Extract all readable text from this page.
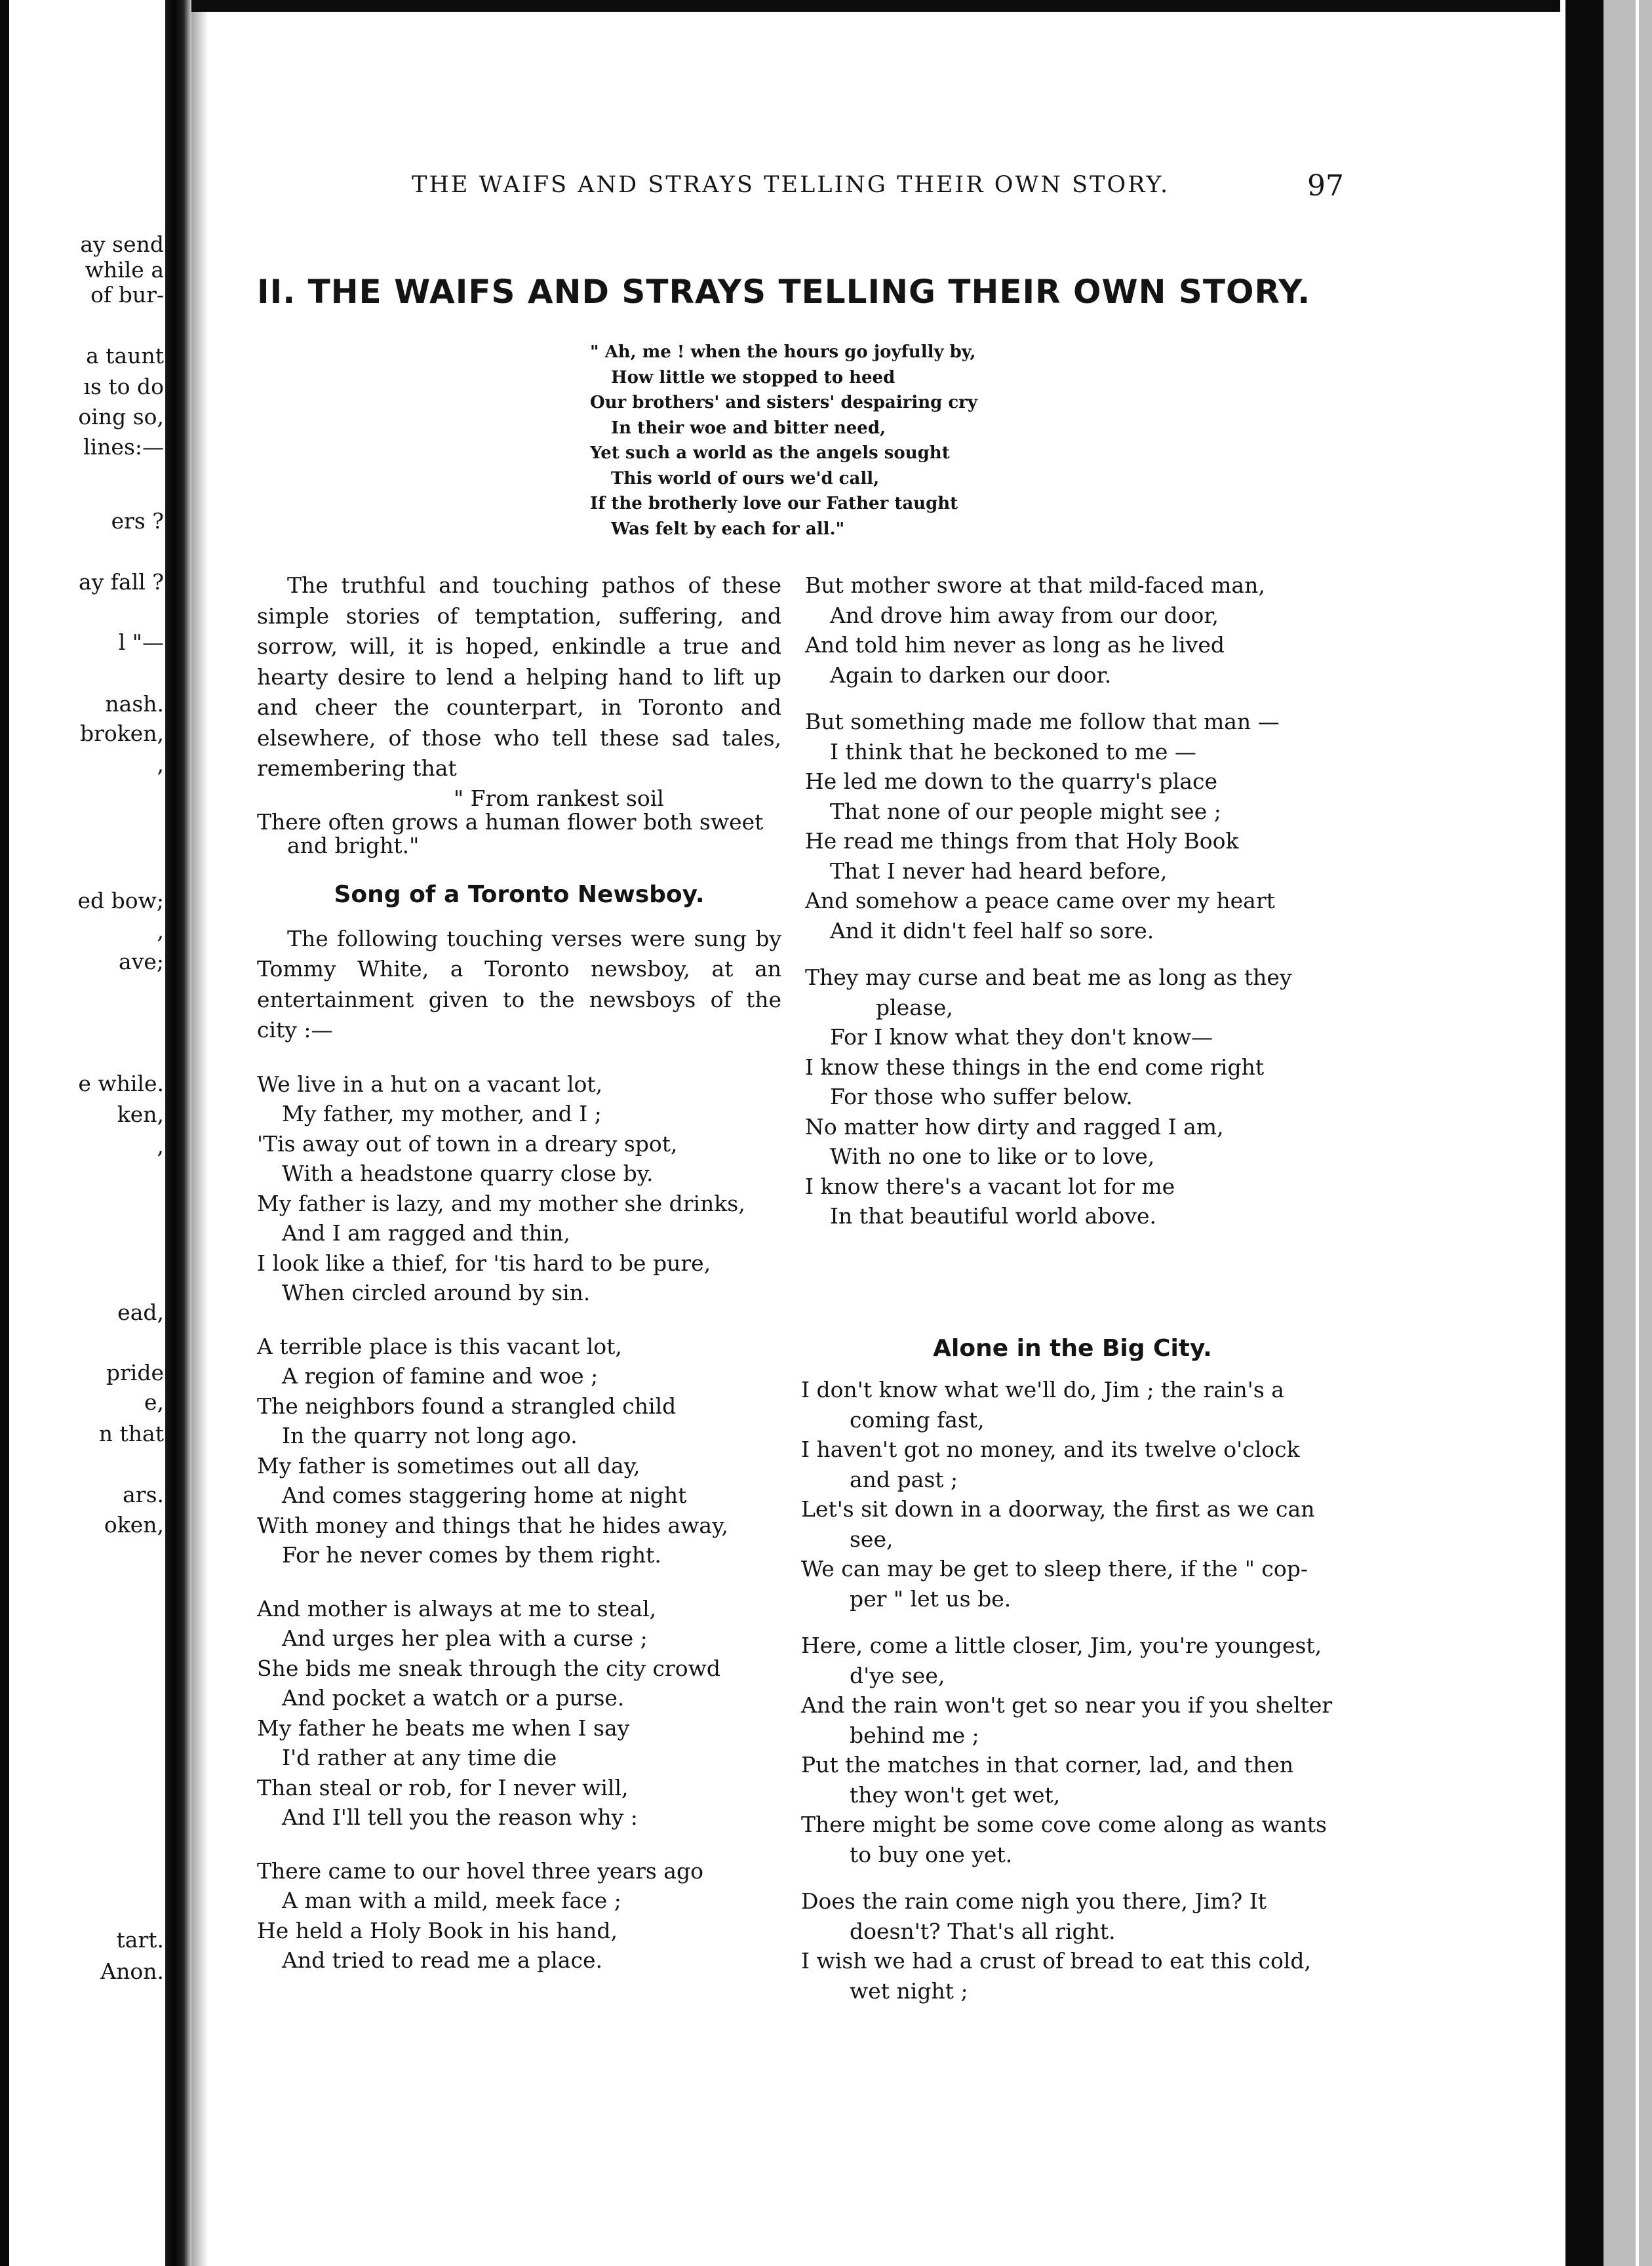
ay send
while a
of bur-
a taunt
ıs to do
oing so,
lines:—
ers ?
ay fall ?
l "—
nash.
broken,
,
ed bow;
,
ave;
e while.
ken,
,
ead,
pride
e,
n that
ars.
oken,
tart.
Anon.
THE WAIFS AND STRAYS TELLING THEIR OWN STORY.	97
II. THE WAIFS AND STRAYS TELLING THEIR OWN STORY.
" Ah, me ! when the hours go joyfully by,
How little we stopped to heed
Our brothers' and sisters' despairing cry
In their woe and bitter need,
Yet such a world as the angels sought
This world of ours we'd call,
If the brotherly love our Father taught
Was felt by each for all."
The truthful and touching pathos of these simple stories of temptation, suffering, and sorrow, will, it is hoped, enkindle a true and hearty desire to lend a helping hand to lift up and cheer the counterpart, in Toronto and elsewhere, of those who tell these sad tales, remembering that
" From rankest soil
There often grows a human flower both sweet
and bright."
Song of a Toronto Newsboy.
The following touching verses were sung by Tommy White, a Toronto newsboy, at an entertainment given to the newsboys of the city :—
We live in a hut on a vacant lot,
My father, my mother, and I ;
'Tis away out of town in a dreary spot,
With a headstone quarry close by.
My father is lazy, and my mother she drinks,
And I am ragged and thin,
I look like a thief, for 'tis hard to be pure,
When circled around by sin.
A terrible place is this vacant lot,
A region of famine and woe ;
The neighbors found a strangled child
In the quarry not long ago.
My father is sometimes out all day,
And comes staggering home at night
With money and things that he hides away,
For he never comes by them right.
And mother is always at me to steal,
And urges her plea with a curse ;
She bids me sneak through the city crowd
And pocket a watch or a purse.
My father he beats me when I say
I'd rather at any time die
Than steal or rob, for I never will,
And I'll tell you the reason why :
There came to our hovel three years ago
A man with a mild, meek face ;
He held a Holy Book in his hand,
And tried to read me a place.
But mother swore at that mild-faced man,
And drove him away from our door,
And told him never as long as he lived
Again to darken our door.
But something made me follow that man —
I think that he beckoned to me —
He led me down to the quarry's place
That none of our people might see ;
He read me things from that Holy Book
That I never had heard before,
And somehow a peace came over my heart
And it didn't feel half so sore.
They may curse and beat me as long as they
please,
For I know what they don't know—
I know these things in the end come right
For those who suffer below.
No matter how dirty and ragged I am,
With no one to like or to love,
I know there's a vacant lot for me
In that beautiful world above.
Alone in the Big City.
I don't know what we'll do, Jim ; the rain's a
coming fast,
I haven't got no money, and its twelve o'clock
and past ;
Let's sit down in a doorway, the first as we can
see,
We can may be get to sleep there, if the " cop-
per " let us be.
Here, come a little closer, Jim, you're youngest,
d'ye see,
And the rain won't get so near you if you shelter
behind me ;
Put the matches in that corner, lad, and then
they won't get wet,
There might be some cove come along as wants
to buy one yet.
Does the rain come nigh you there, Jim? It
doesn't? That's all right.
I wish we had a crust of bread to eat this cold,
wet night ;
